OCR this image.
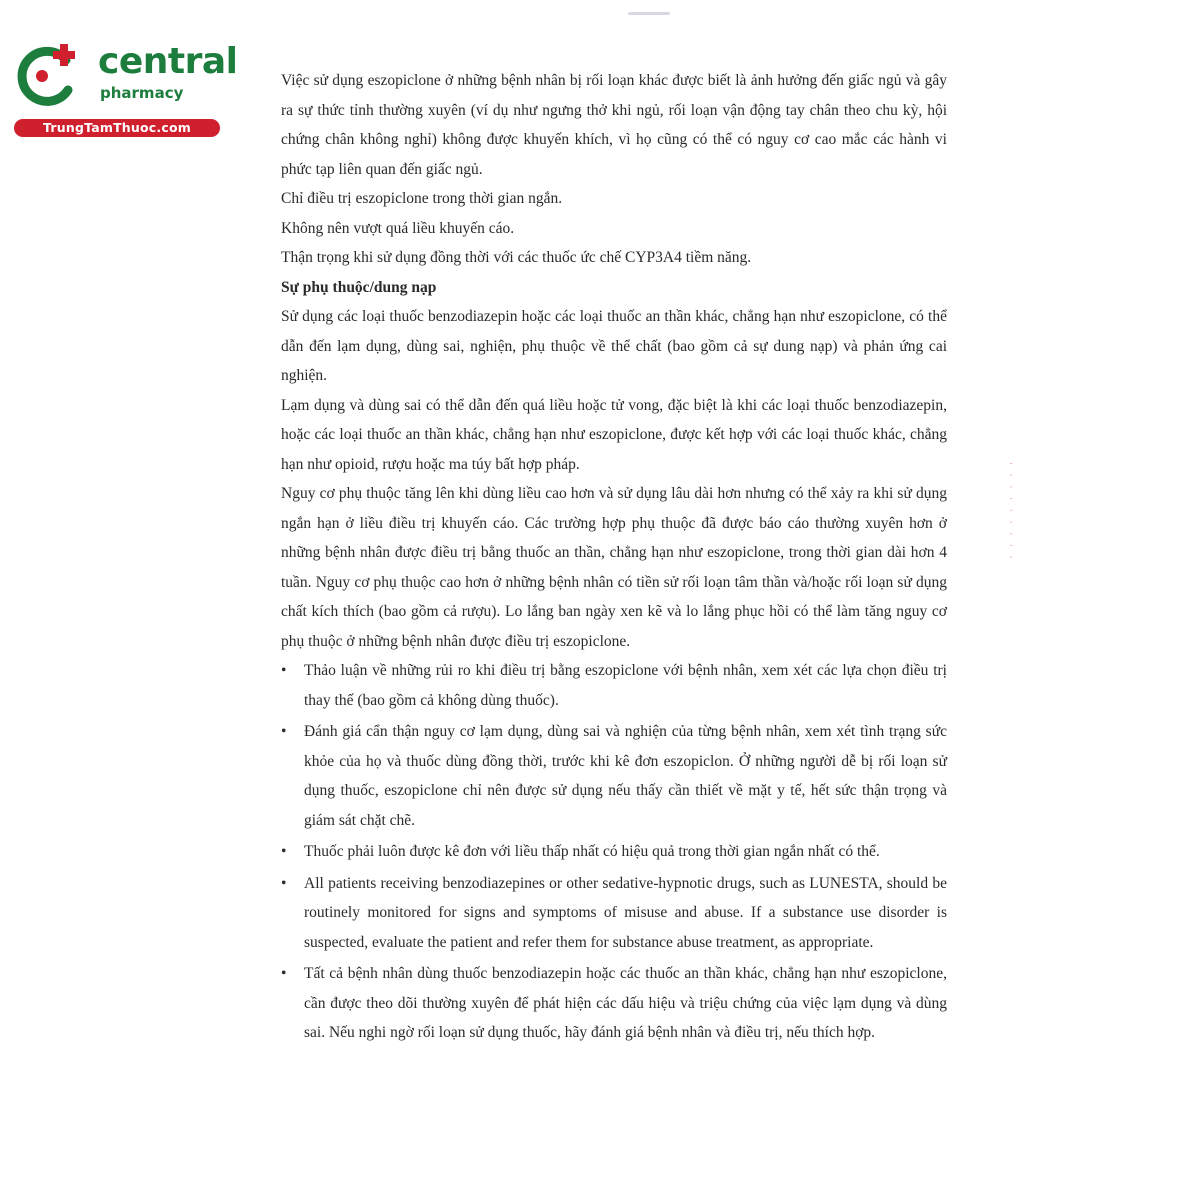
central
pharmacy
TrungTamThuoc.com

Việc sử dụng eszopiclone ở những bệnh nhân bị rối loạn khác được biết là ảnh hưởng đến giấc ngủ và gây ra sự thức tỉnh thường xuyên (ví dụ như ngưng thở khi ngủ, rối loạn vận động tay chân theo chu kỳ, hội chứng chân không nghỉ) không được khuyến khích, vì họ cũng có thể có nguy cơ cao mắc các hành vi phức tạp liên quan đến giấc ngủ.

Chỉ điều trị eszopiclone trong thời gian ngắn.

Không nên vượt quá liều khuyến cáo.

Thận trọng khi sử dụng đồng thời với các thuốc ức chế CYP3A4 tiềm năng.

Sự phụ thuộc/dung nạp

Sử dụng các loại thuốc benzodiazepin hoặc các loại thuốc an thần khác, chẳng hạn như eszopiclone, có thể dẫn đến lạm dụng, dùng sai, nghiện, phụ thuộc về thể chất (bao gồm cả sự dung nạp) và phản ứng cai nghiện.

Lạm dụng và dùng sai có thể dẫn đến quá liều hoặc tử vong, đặc biệt là khi các loại thuốc benzodiazepin, hoặc các loại thuốc an thần khác, chẳng hạn như eszopiclone, được kết hợp với các loại thuốc khác, chẳng hạn như opioid, rượu hoặc ma túy bất hợp pháp.

Nguy cơ phụ thuộc tăng lên khi dùng liều cao hơn và sử dụng lâu dài hơn nhưng có thể xảy ra khi sử dụng ngắn hạn ở liều điều trị khuyến cáo. Các trường hợp phụ thuộc đã được báo cáo thường xuyên hơn ở những bệnh nhân được điều trị bằng thuốc an thần, chẳng hạn như eszopiclone, trong thời gian dài hơn 4 tuần. Nguy cơ phụ thuộc cao hơn ở những bệnh nhân có tiền sử rối loạn tâm thần và/hoặc rối loạn sử dụng chất kích thích (bao gồm cả rượu). Lo lắng ban ngày xen kẽ và lo lắng phục hồi có thể làm tăng nguy cơ phụ thuộc ở những bệnh nhân được điều trị eszopiclone.

• Thảo luận về những rủi ro khi điều trị bằng eszopiclone với bệnh nhân, xem xét các lựa chọn điều trị thay thế (bao gồm cả không dùng thuốc).
• Đánh giá cẩn thận nguy cơ lạm dụng, dùng sai và nghiện của từng bệnh nhân, xem xét tình trạng sức khỏe của họ và thuốc dùng đồng thời, trước khi kê đơn eszopiclon. Ở những người dễ bị rối loạn sử dụng thuốc, eszopiclone chỉ nên được sử dụng nếu thấy cần thiết về mặt y tế, hết sức thận trọng và giám sát chặt chẽ.
• Thuốc phải luôn được kê đơn với liều thấp nhất có hiệu quả trong thời gian ngắn nhất có thể.
• All patients receiving benzodiazepines or other sedative-hypnotic drugs, such as LUNESTA, should be routinely monitored for signs and symptoms of misuse and abuse. If a substance use disorder is suspected, evaluate the patient and refer them for substance abuse treatment, as appropriate.
• Tất cả bệnh nhân dùng thuốc benzodiazepin hoặc các thuốc an thần khác, chẳng hạn như eszopiclone, cần được theo dõi thường xuyên để phát hiện các dấu hiệu và triệu chứng của việc lạm dụng và dùng sai. Nếu nghi ngờ rối loạn sử dụng thuốc, hãy đánh giá bệnh nhân và điều trị, nếu thích hợp.
· · · · · · · · ·
